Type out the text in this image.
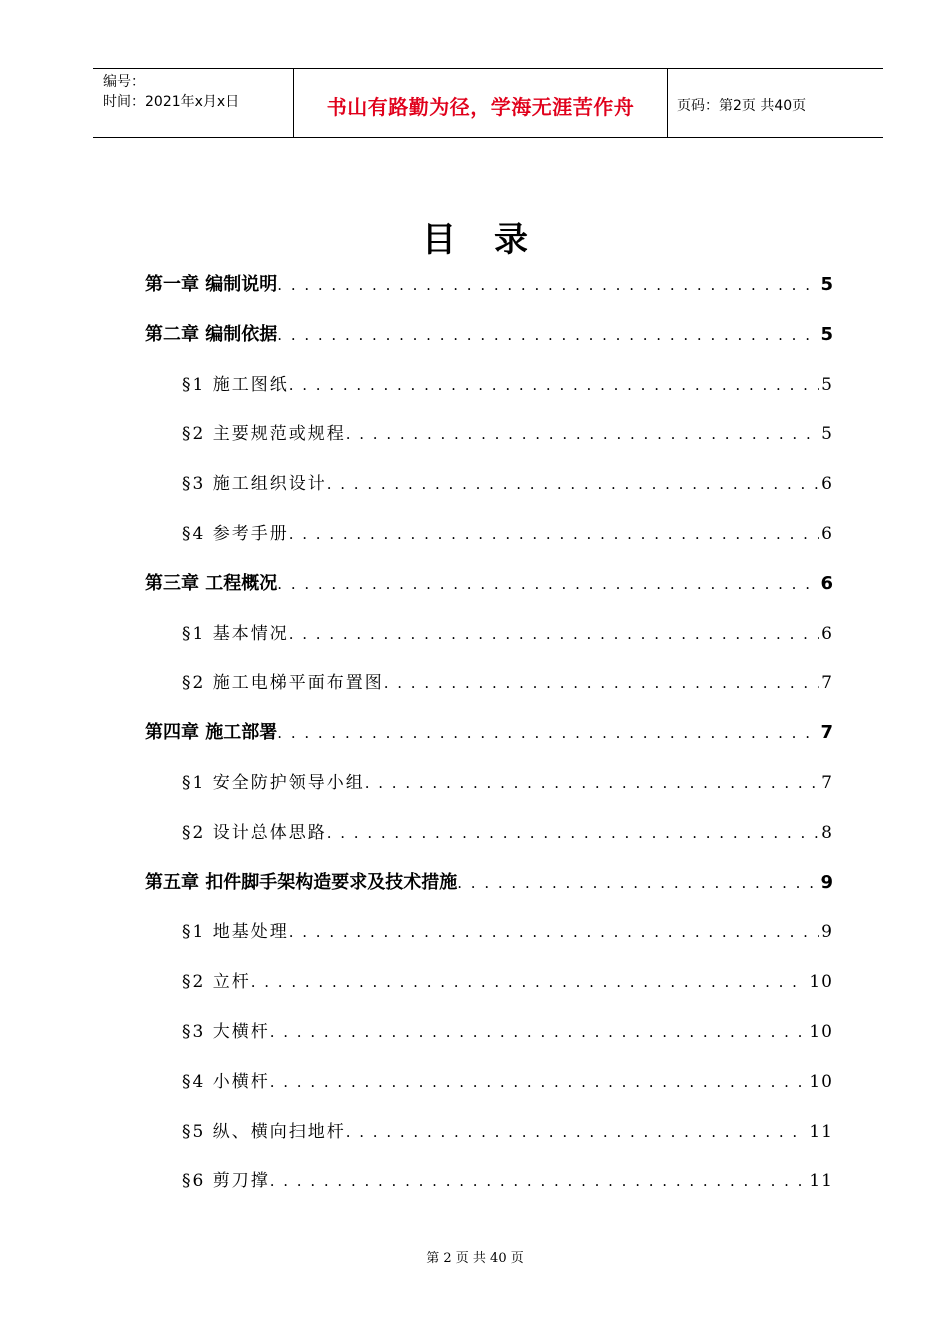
编号：
时间：2021年x月x日	书山有路勤为径，学海无涯苦作舟	页码：第2页 共40页
目录
第一章 编制说明 . . .	5
第二章 编制依据 . . .	5
§1 施工图纸 . . .	5
§2 主要规范或规程 . . .	5
§3 施工组织设计 . . .	6
§4 参考手册 . . .	6
第三章 工程概况 . . .	6
§1 基本情况 . . .	6
§2 施工电梯平面布置图 . . .	7
第四章 施工部署 . . .	7
§1 安全防护领导小组 . . .	7
§2 设计总体思路 . . .	8
第五章 扣件脚手架构造要求及技术措施 . . .	9
§1 地基处理 . . .	9
§2 立杆 . . .	10
§3 大横杆 . . .	10
§4 小横杆 . . .	10
§5 纵、横向扫地杆 . . .	11
§6 剪刀撑 . . .	11
第 2 页 共 40 页
